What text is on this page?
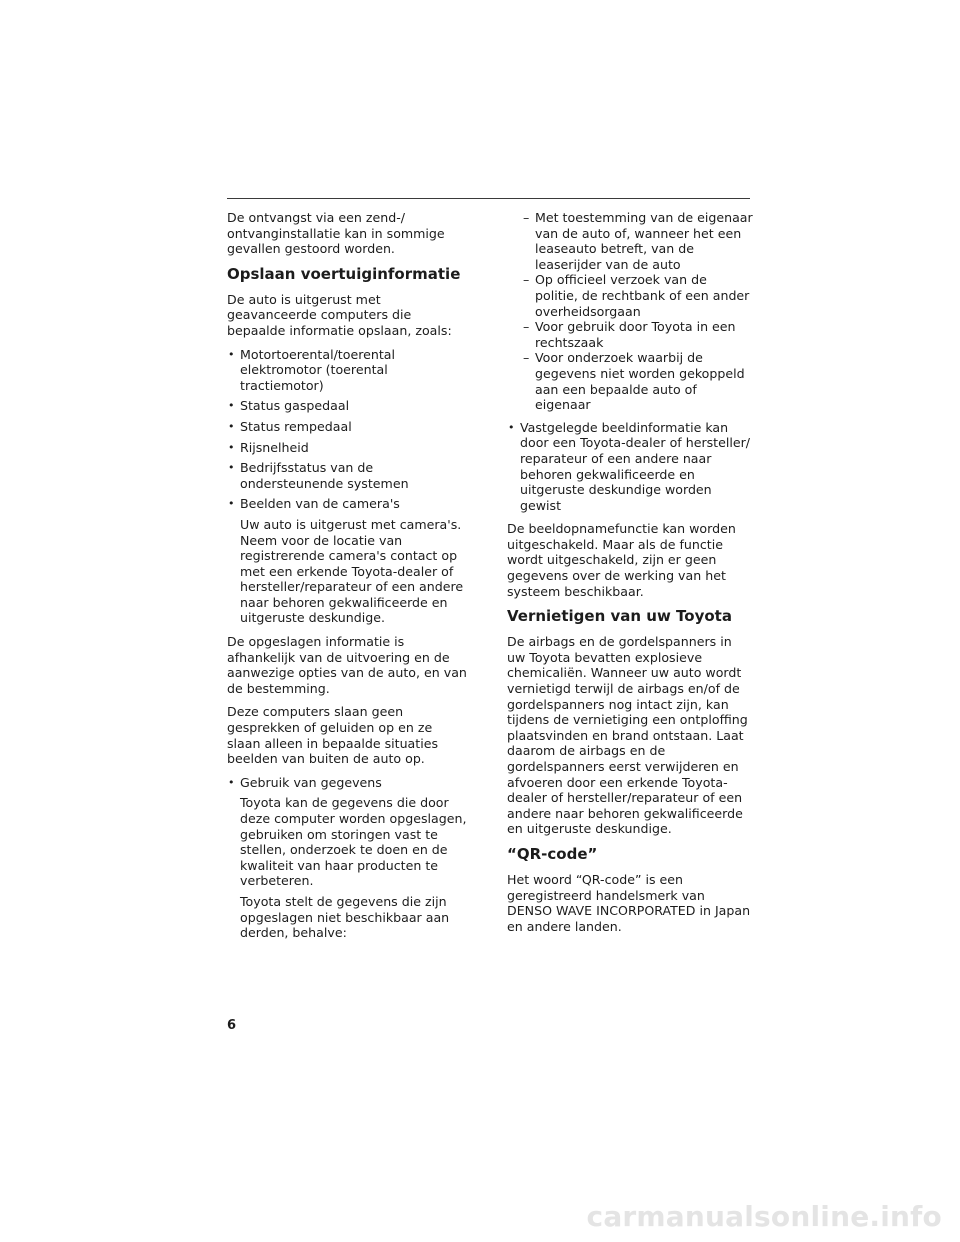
De ontvangst via een zend-/ ontvanginstallatie kan in sommige gevallen gestoord worden.

Opslaan voertuiginformatie

De auto is uitgerust met geavanceerde computers die bepaalde informatie opslaan, zoals:

• Motortoerental/toerental elektromotor (toerental tractiemotor)
• Status gaspedaal
• Status rempedaal
• Rijsnelheid
• Bedrijfsstatus van de ondersteunende systemen
• Beelden van de camera's

Uw auto is uitgerust met camera's. Neem voor de locatie van registrerende camera's contact op met een erkende Toyota-dealer of hersteller/reparateur of een andere naar behoren gekwalificeerde en uitgeruste deskundige.

De opgeslagen informatie is afhankelijk van de uitvoering en de aanwezige opties van de auto, en van de bestemming.

Deze computers slaan geen gesprekken of geluiden op en ze slaan alleen in bepaalde situaties beelden van buiten de auto op.

• Gebruik van gegevens

Toyota kan de gegevens die door deze computer worden opgeslagen, gebruiken om storingen vast te stellen, onderzoek te doen en de kwaliteit van haar producten te verbeteren.

Toyota stelt de gegevens die zijn opgeslagen niet beschikbaar aan derden, behalve:

– Met toestemming van de eigenaar van de auto of, wanneer het een leaseauto betreft, van de leaserijder van de auto
– Op officieel verzoek van de politie, de rechtbank of een ander overheidsorgaan
– Voor gebruik door Toyota in een rechtszaak
– Voor onderzoek waarbij de gegevens niet worden gekoppeld aan een bepaalde auto of eigenaar
• Vastgelegde beeldinformatie kan door een Toyota-dealer of hersteller/ reparateur of een andere naar behoren gekwalificeerde en uitgeruste deskundige worden gewist

De beeldopnamefunctie kan worden uitgeschakeld. Maar als de functie wordt uitgeschakeld, zijn er geen gegevens over de werking van het systeem beschikbaar.

Vernietigen van uw Toyota

De airbags en de gordelspanners in uw Toyota bevatten explosieve chemicaliën. Wanneer uw auto wordt vernietigd terwijl de airbags en/of de gordelspanners nog intact zijn, kan tijdens de vernietiging een ontploffing plaatsvinden en brand ontstaan. Laat daarom de airbags en de gordelspanners eerst verwijderen en afvoeren door een erkende Toyota-dealer of hersteller/reparateur of een andere naar behoren gekwalificeerde en uitgeruste deskundige.

“QR-code”

Het woord “QR-code” is een geregistreerd handelsmerk van DENSO WAVE INCORPORATED in Japan en andere landen.

6
carmanualsonline.info
